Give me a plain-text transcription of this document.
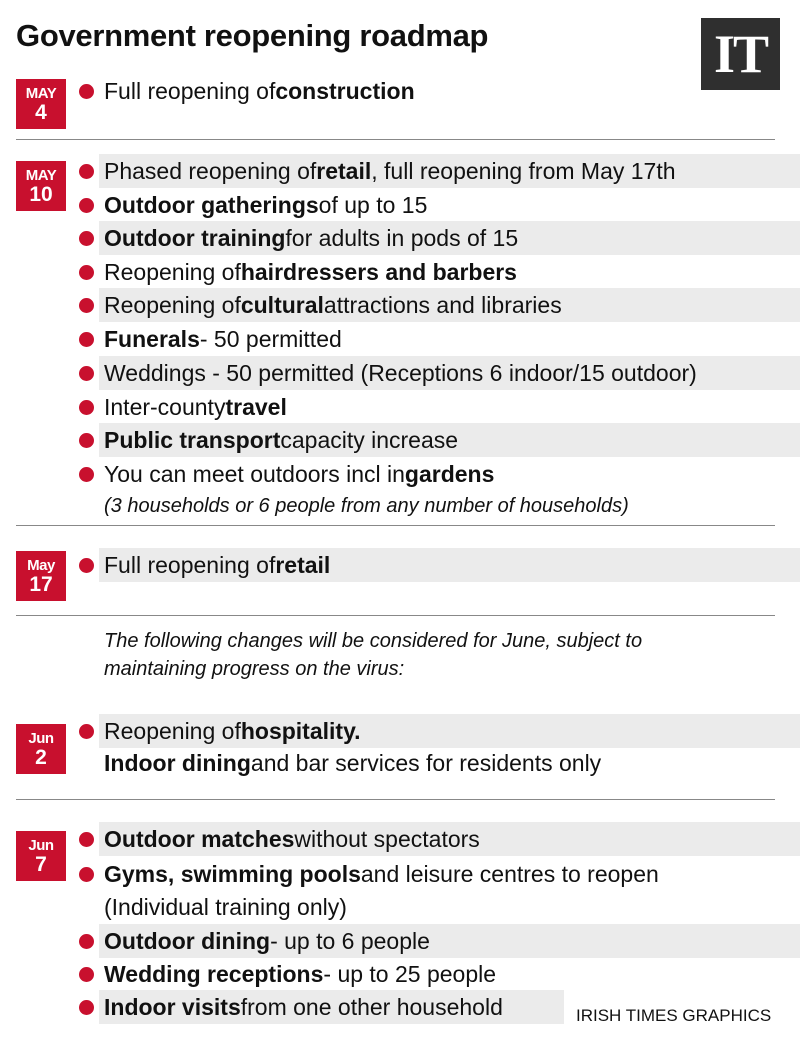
Government reopening roadmap	IT
MAY
4
Full reopening of construction
MAY
10
Phased reopening of retail , full reopening from May 17th
Outdoor gatherings of up to 15
Outdoor training for adults in pods of 15
Reopening of hairdressers and barbers
Reopening of cultural attractions and libraries
Funerals - 50 permitted
Weddings - 50 permitted (Receptions 6 indoor/15 outdoor)
Inter-county travel
Public transport capacity increase
You can meet outdoors incl in gardens
(3 households or 6 people from any number of households)
May
17
Full reopening of retail
Jun
2
Reopening of hospitality.
Indoor dining and bar services for residents only
Jun
7
Outdoor matches without spectators
Gyms, swimming pools and leisure centres to reopen
(Individual training only)
Outdoor dining - up to 6 people
Wedding receptions - up to 25 people
Indoor visits from one other household
The following changes will be considered for June, subject to
maintaining progress on the virus:
IRISH TIMES GRAPHICS
